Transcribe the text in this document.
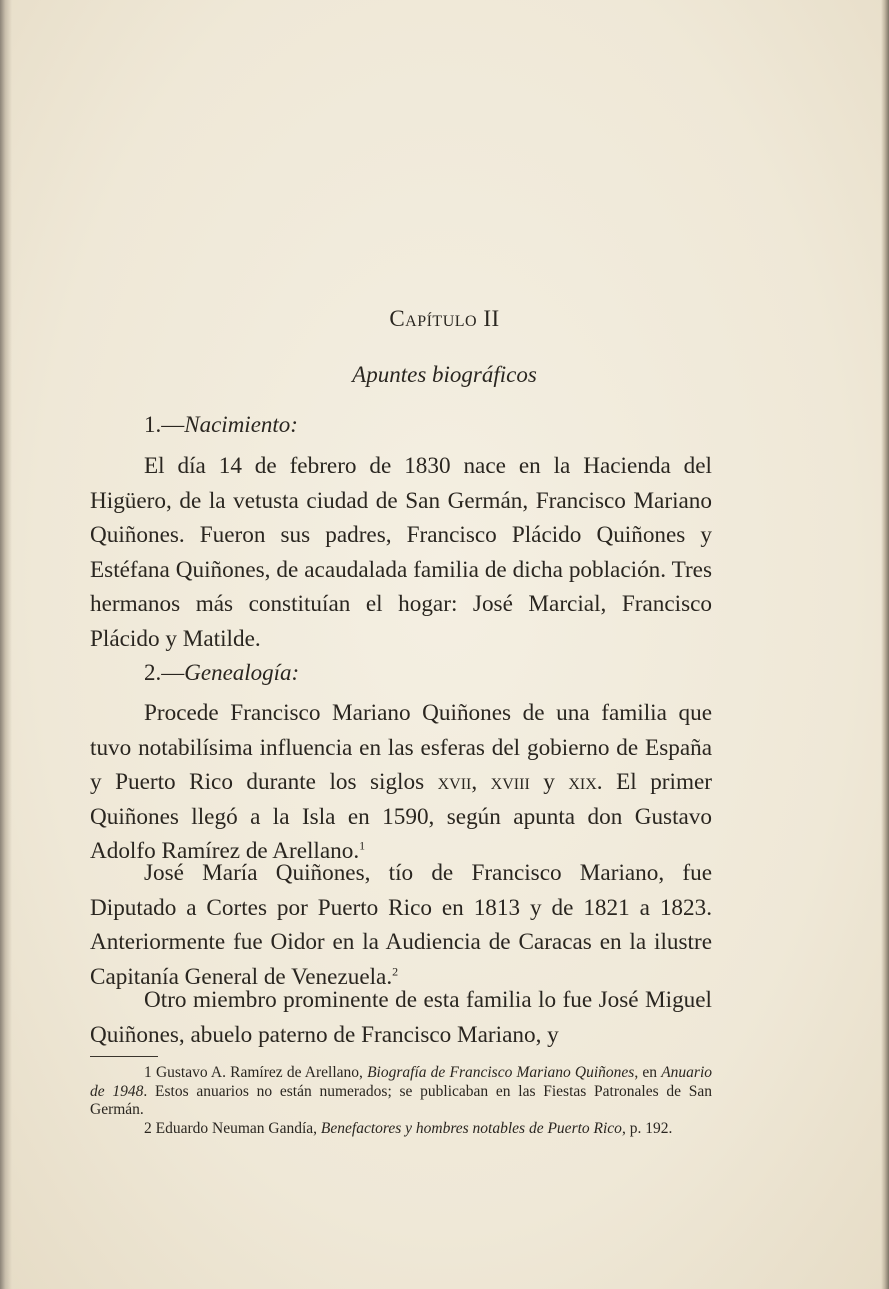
Capítulo II
Apuntes biográficos
1.—Nacimiento:

El día 14 de febrero de 1830 nace en la Hacienda del Higüero, de la vetusta ciudad de San Germán, Francisco Mariano Quiñones. Fueron sus padres, Francisco Plácido Quiñones y Estéfana Quiñones, de acaudalada familia de dicha población. Tres hermanos más constituían el hogar: José Marcial, Francisco Plácido y Matilde.

2.—Genealogía:

Procede Francisco Mariano Quiñones de una familia que tuvo notabilísima influencia en las esferas del gobierno de España y Puerto Rico durante los siglos xvii, xviii y xix. El primer Quiñones llegó a la Isla en 1590, según apunta don Gustavo Adolfo Ramírez de Arellano.$^1$

José María Quiñones, tío de Francisco Mariano, fue Diputado a Cortes por Puerto Rico en 1813 y de 1821 a 1823. Anteriormente fue Oidor en la Audiencia de Caracas en la ilustre Capitanía General de Venezuela.$^2$

Otro miembro prominente de esta familia lo fue José Miguel Quiñones, abuelo paterno de Francisco Mariano, y

1 Gustavo A. Ramírez de Arellano, Biografía de Francisco Mariano Quiñones, en Anuario de 1948. Estos anuarios no están numerados; se publicaban en las Fiestas Patronales de San Germán.

2 Eduardo Neuman Gandía, Benefactores y hombres notables de Puerto Rico, p. 192.
